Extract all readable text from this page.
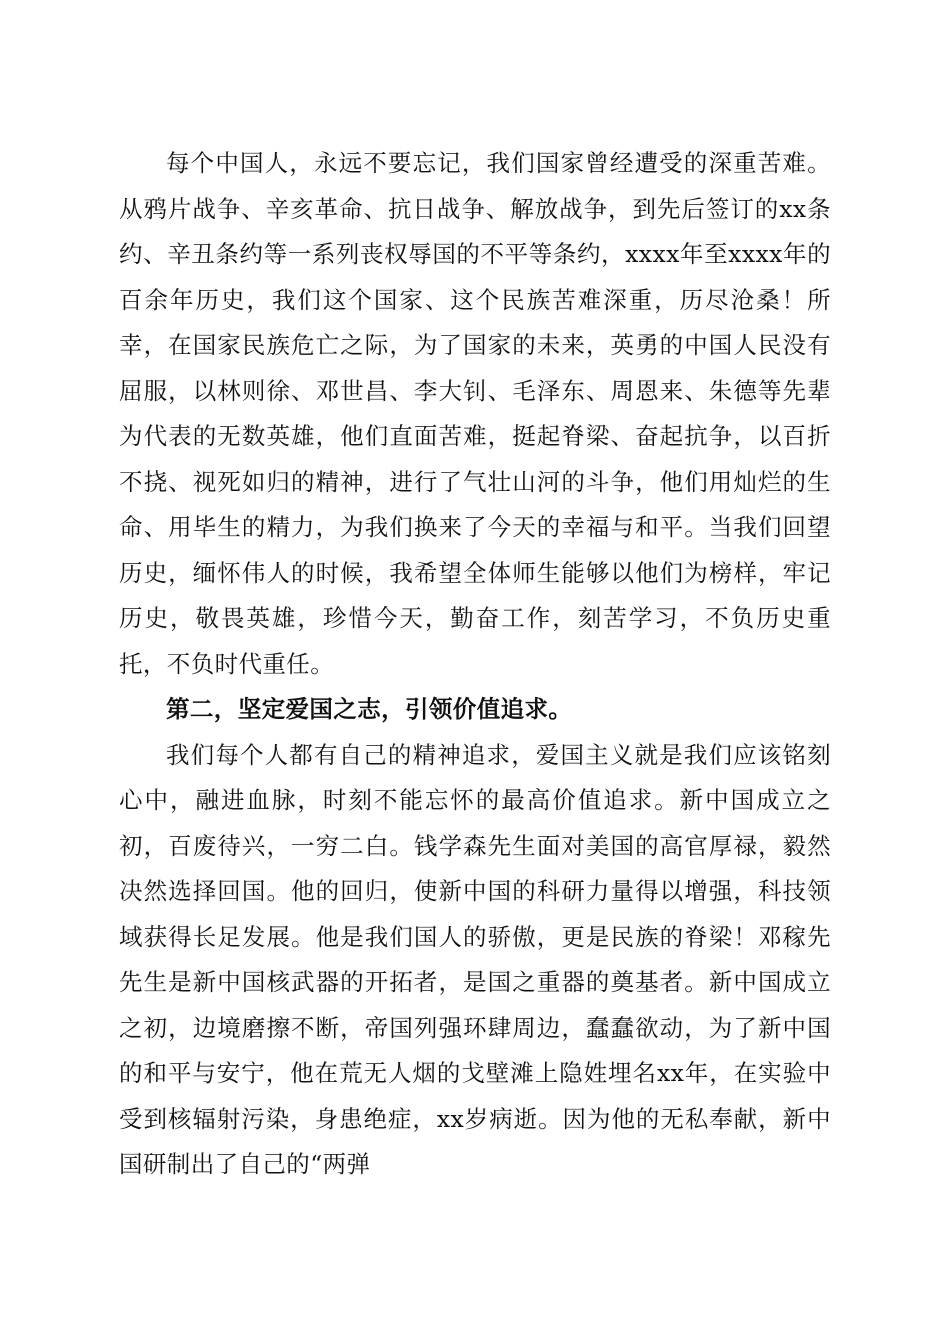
每个中国人，永远不要忘记，我们国家曾经遭受的深重苦难。从鸦片战争、辛亥革命、抗日战争、解放战争，到先后签订的xx条约、辛丑条约等一系列丧权辱国的不平等条约，xxxx年至xxxx年的百余年历史，我们这个国家、这个民族苦难深重，历尽沧桑！所幸，在国家民族危亡之际，为了国家的未来，英勇的中国人民没有屈服，以林则徐、邓世昌、李大钊、毛泽东、周恩来、朱德等先辈为代表的无数英雄，他们直面苦难，挺起脊梁、奋起抗争，以百折不挠、视死如归的精神，进行了气壮山河的斗争，他们用灿烂的生命、用毕生的精力，为我们换来了今天的幸福与和平。当我们回望历史，缅怀伟人的时候，我希望全体师生能够以他们为榜样，牢记历史，敬畏英雄，珍惜今天，勤奋工作，刻苦学习，不负历史重托，不负时代重任。

第二，坚定爱国之志，引领价值追求。

我们每个人都有自己的精神追求，爱国主义就是我们应该铭刻心中，融进血脉，时刻不能忘怀的最高价值追求。新中国成立之初，百废待兴，一穷二白。钱学森先生面对美国的高官厚禄，毅然决然选择回国。他的回归，使新中国的科研力量得以增强，科技领域获得长足发展。他是我们国人的骄傲，更是民族的脊梁！邓稼先先生是新中国核武器的开拓者，是国之重器的奠基者。新中国成立之初，边境磨擦不断，帝国列强环肆周边，蠢蠢欲动，为了新中国的和平与安宁，他在荒无人烟的戈壁滩上隐姓埋名xx年，在实验中受到核辐射污染，身患绝症，xx岁病逝。因为他的无私奉献，新中国研制出了自己的“两弹
